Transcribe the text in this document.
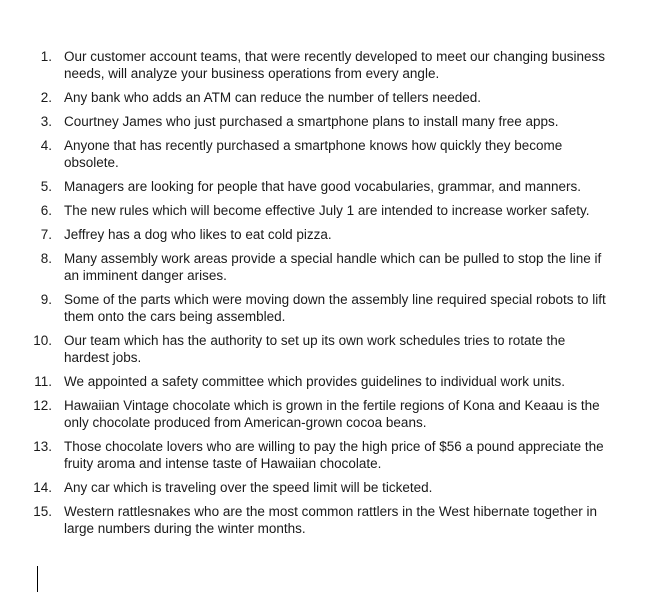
1. Our customer account teams, that were recently developed to meet our changing business needs, will analyze your business operations from every angle.
2. Any bank who adds an ATM can reduce the number of tellers needed.
3. Courtney James who just purchased a smartphone plans to install many free apps.
4. Anyone that has recently purchased a smartphone knows how quickly they become obsolete.
5. Managers are looking for people that have good vocabularies, grammar, and manners.
6. The new rules which will become effective July 1 are intended to increase worker safety.
7. Jeffrey has a dog who likes to eat cold pizza.
8. Many assembly work areas provide a special handle which can be pulled to stop the line if an imminent danger arises.
9. Some of the parts which were moving down the assembly line required special robots to lift them onto the cars being assembled.
10. Our team which has the authority to set up its own work schedules tries to rotate the hardest jobs.
11. We appointed a safety committee which provides guidelines to individual work units.
12. Hawaiian Vintage chocolate which is grown in the fertile regions of Kona and Keaau is the only chocolate produced from American-grown cocoa beans.
13. Those chocolate lovers who are willing to pay the high price of $56 a pound appreciate the fruity aroma and intense taste of Hawaiian chocolate.
14. Any car which is traveling over the speed limit will be ticketed.
15. Western rattlesnakes who are the most common rattlers in the West hibernate together in large numbers during the winter months.
